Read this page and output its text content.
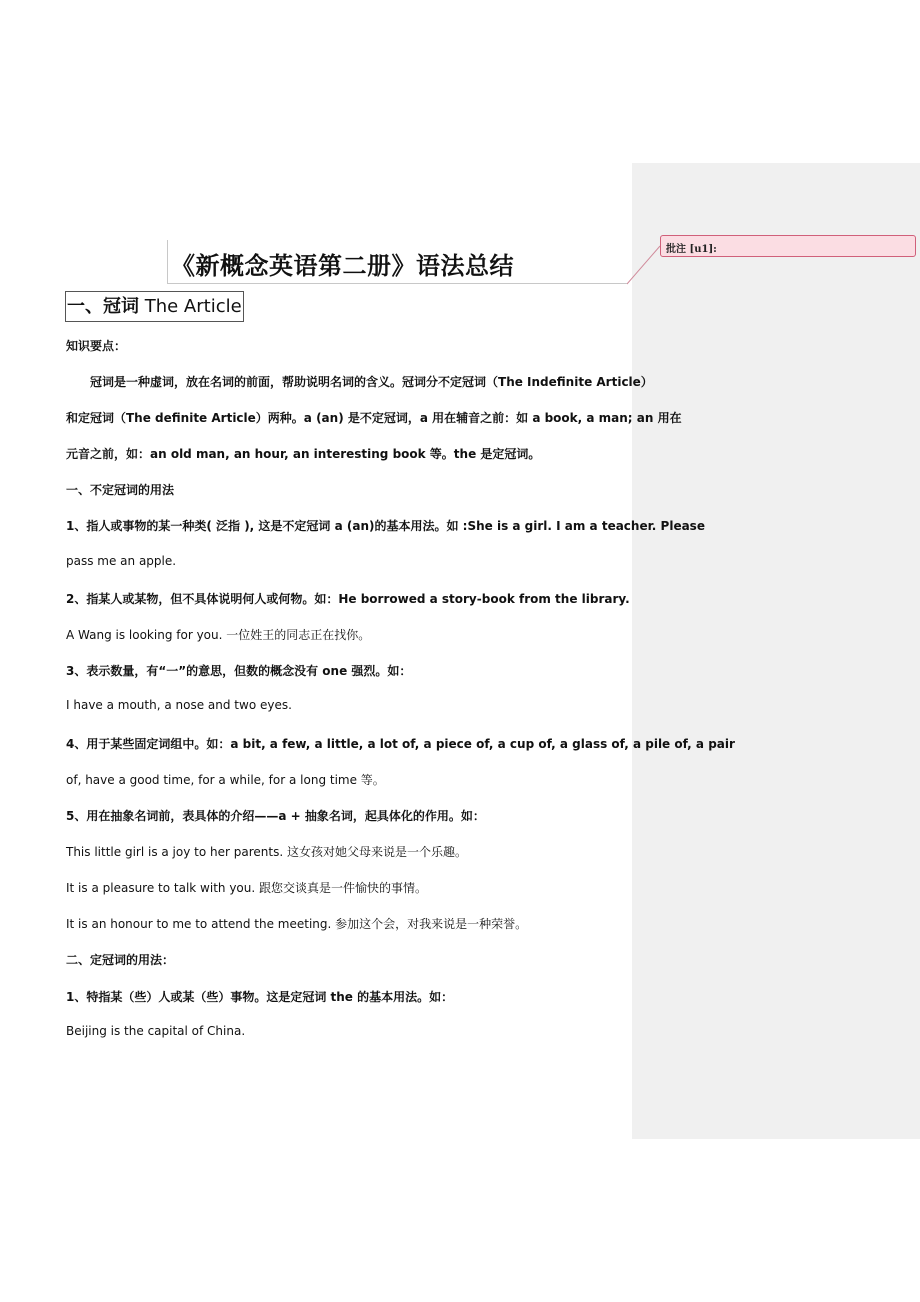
批注 [u1]:
《新概念英语第二册》语法总结
一、冠词 The Article
知识要点：
冠词是一种虚词，放在名词的前面，帮助说明名词的含义。冠词分不定冠词（The Indefinite Article）
和定冠词（The definite Article）两种。a (an) 是不定冠词，a 用在辅音之前：如 a book, a man; an 用在
元音之前，如：an old man, an hour, an interesting book 等。the 是定冠词。
一、不定冠词的用法
1、指人或事物的某一种类( 泛指 ), 这是不定冠词 a (an)的基本用法。如 :She is a girl. I am a teacher. Please
pass me an apple.
2、指某人或某物，但不具体说明何人或何物。如：He borrowed a story-book from the library.
A Wang is looking for you. 一位姓王的同志正在找你。
3、表示数量，有“一”的意思，但数的概念没有 one 强烈。如：
I have a mouth, a nose and two eyes.
4、用于某些固定词组中。如：a bit, a few, a little, a lot of, a piece of, a cup of, a glass of, a pile of, a pair
of, have a good time, for a while, for a long time 等。
5、用在抽象名词前，表具体的介绍——a + 抽象名词，起具体化的作用。如：
This little girl is a joy to her parents. 这女孩对她父母来说是一个乐趣。
It is a pleasure to talk with you. 跟您交谈真是一件愉快的事情。
It is an honour to me to attend the meeting. 参加这个会，对我来说是一种荣誉。
二、定冠词的用法：
1、特指某（些）人或某（些）事物。这是定冠词 the 的基本用法。如：
Beijing is the capital of China.
